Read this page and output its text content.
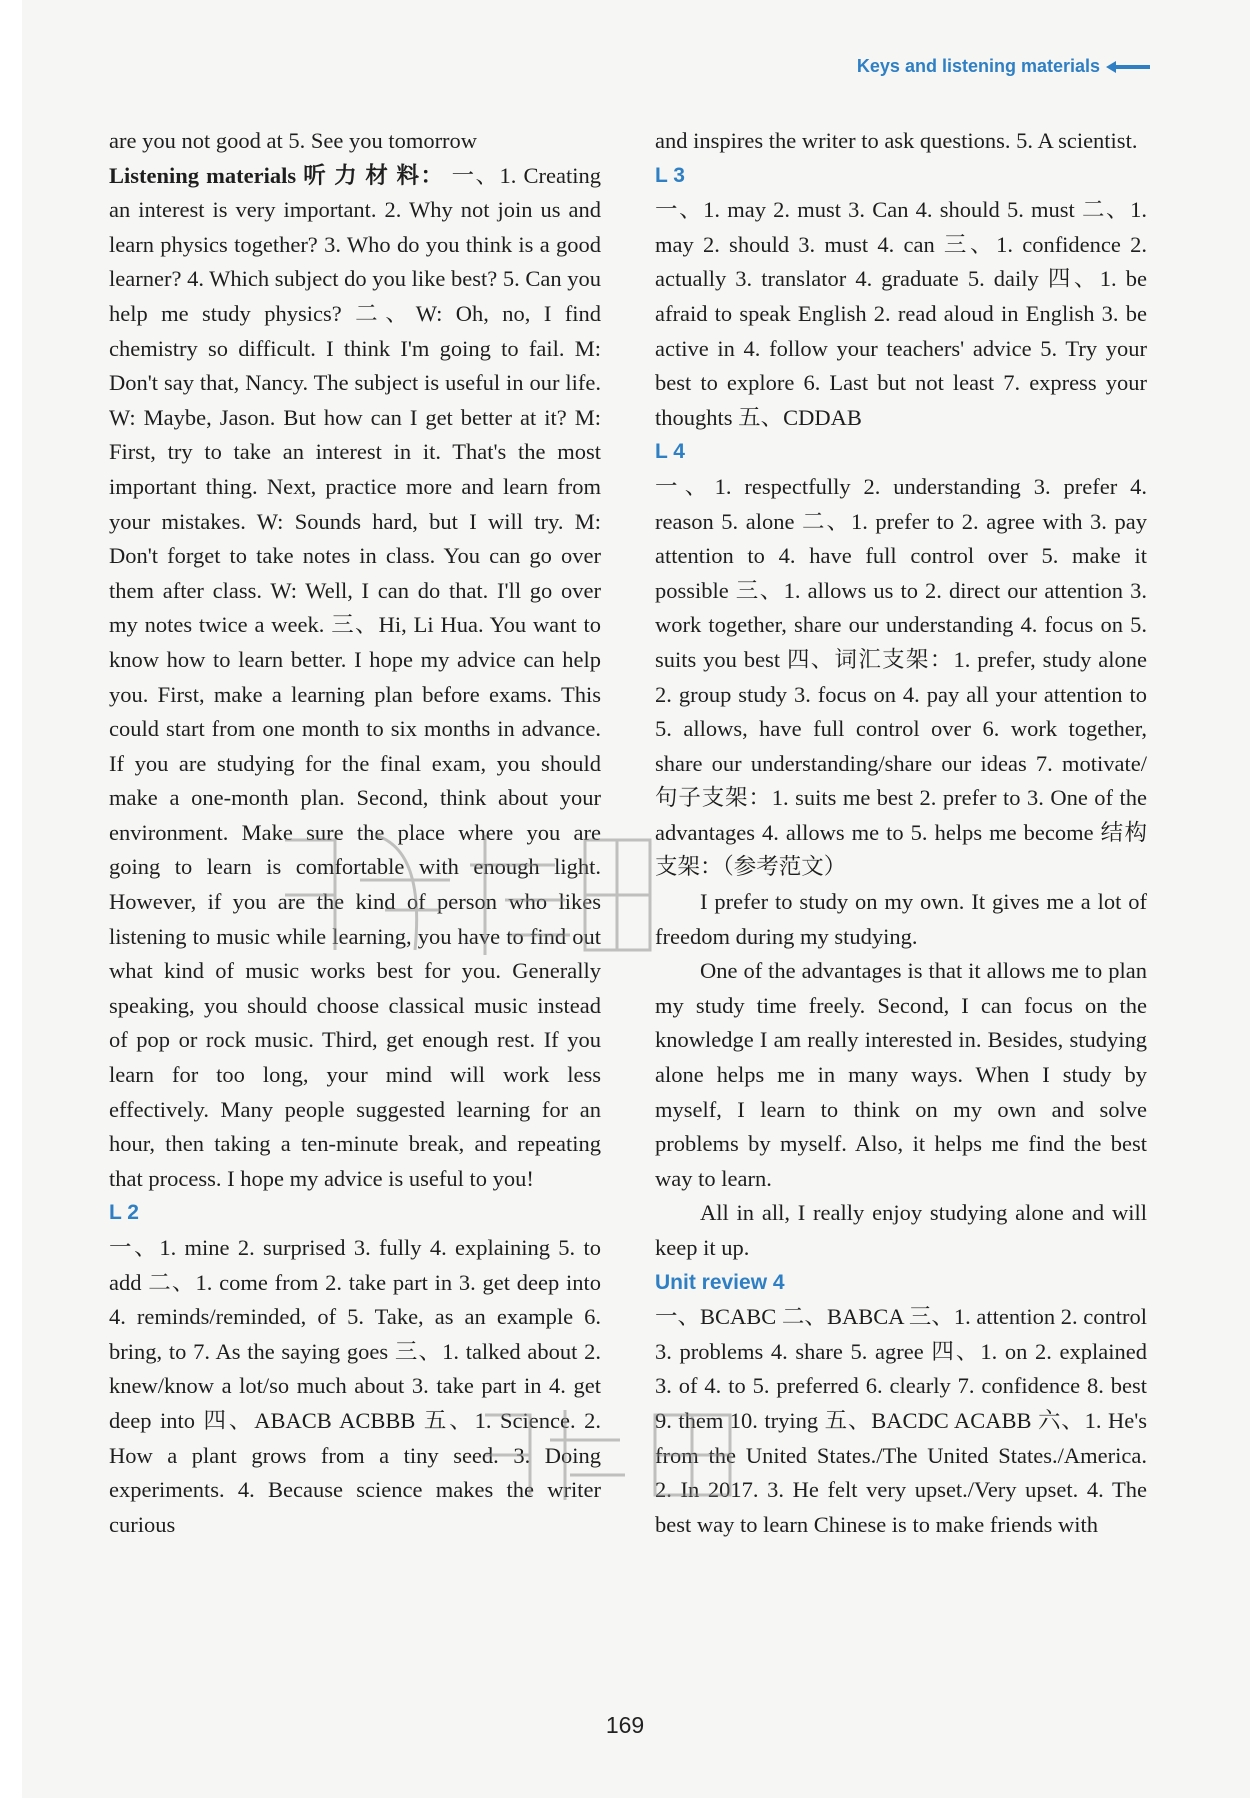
Keys and listening materials

are you not good at 5. See you tomorrow

Listening materials 听 力 材 料： 一、1. Creating an interest is very important. 2. Why not join us and learn physics together? 3. Who do you think is a good learner? 4. Which subject do you like best? 5. Can you help me study physics? 二、W: Oh, no, I find chemistry so difficult. I think I'm going to fail. M: Don't say that, Nancy. The subject is useful in our life. W: Maybe, Jason. But how can I get better at it? M: First, try to take an interest in it. That's the most important thing. Next, practice more and learn from your mistakes. W: Sounds hard, but I will try. M: Don't forget to take notes in class. You can go over them after class. W: Well, I can do that. I'll go over my notes twice a week. 三、Hi, Li Hua. You want to know how to learn better. I hope my advice can help you. First, make a learning plan before exams. This could start from one month to six months in advance. If you are studying for the final exam, you should make a one-month plan. Second, think about your environment. Make sure the place where you are going to learn is comfortable with enough light. However, if you are the kind of person who likes listening to music while learning, you have to find out what kind of music works best for you. Generally speaking, you should choose classical music instead of pop or rock music. Third, get enough rest. If you learn for too long, your mind will work less effectively. Many people suggested learning for an hour, then taking a ten-minute break, and repeating that process. I hope my advice is useful to you!

L 2

一、1. mine 2. surprised 3. fully 4. explaining 5. to add 二、1. come from 2. take part in 3. get deep into 4. reminds/reminded, of 5. Take, as an example 6. bring, to 7. As the saying goes 三、1. talked about 2. knew/know a lot/so much about 3. take part in 4. get deep into 四、ABACB ACBBB 五、1. Science. 2. How a plant grows from a tiny seed. 3. Doing experiments. 4. Because science makes the writer curious

and inspires the writer to ask questions. 5. A scientist.

L 3

一、1. may 2. must 3. Can 4. should 5. must 二、1. may 2. should 3. must 4. can 三、1. confidence 2. actually 3. translator 4. graduate 5. daily 四、1. be afraid to speak English 2. read aloud in English 3. be active in 4. follow your teachers' advice 5. Try your best to explore 6. Last but not least 7. express your thoughts 五、CDDAB

L 4

一、1. respectfully 2. understanding 3. prefer 4. reason 5. alone 二、1. prefer to 2. agree with 3. pay attention to 4. have full control over 5. make it possible 三、1. allows us to 2. direct our attention 3. work together, share our understanding 4. focus on 5. suits you best 四、词汇支架：1. prefer, study alone 2. group study 3. focus on 4. pay all your attention to 5. allows, have full control over 6. work together, share our understanding/share our ideas 7. motivate/句子支架：1. suits me best 2. prefer to 3. One of the advantages 4. allows me to 5. helps me become 结构支架：（参考范文）

I prefer to study on my own. It gives me a lot of freedom during my studying.

One of the advantages is that it allows me to plan my study time freely. Second, I can focus on the knowledge I am really interested in. Besides, studying alone helps me in many ways. When I study by myself, I learn to think on my own and solve problems by myself. Also, it helps me find the best way to learn.

All in all, I really enjoy studying alone and will keep it up.

Unit review 4

一、BCABC 二、BABCA 三、1. attention 2. control 3. problems 4. share 5. agree 四、1. on 2. explained 3. of 4. to 5. preferred 6. clearly 7. confidence 8. best 9. them 10. trying 五、BACDC ACABB 六、1. He's from the United States./The United States./America. 2. In 2017. 3. He felt very upset./Very upset. 4. The best way to learn Chinese is to make friends with

169
